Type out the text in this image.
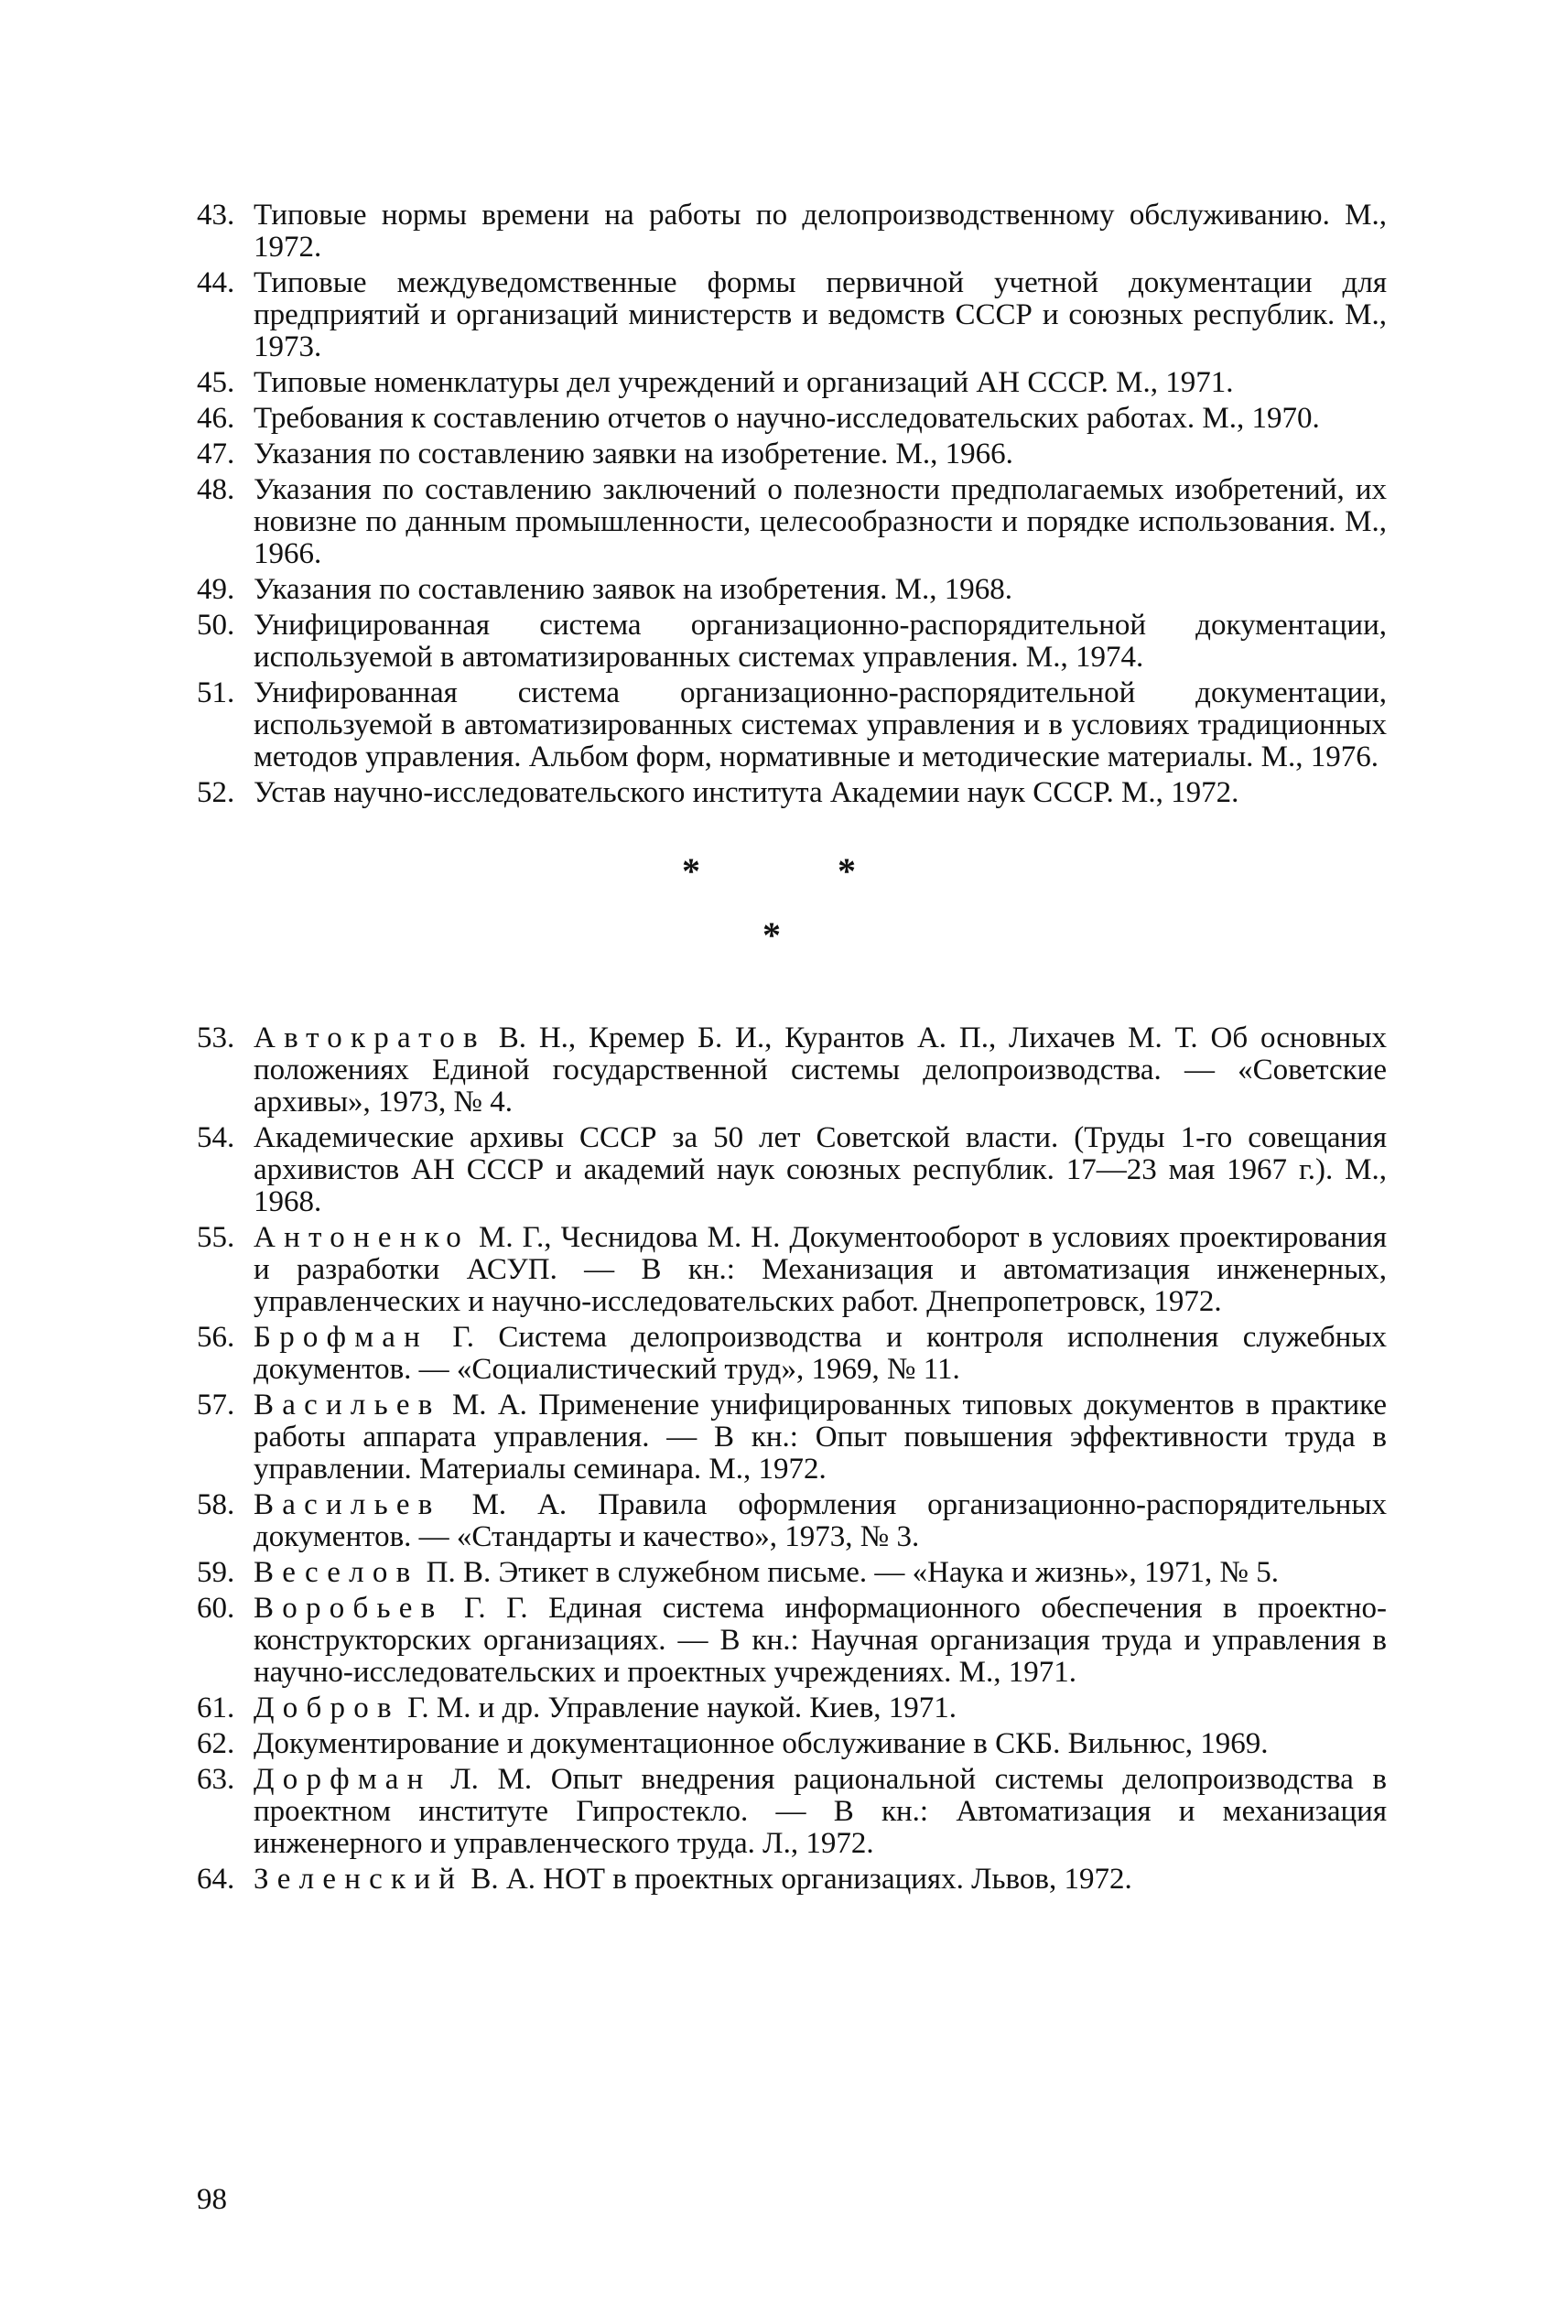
43. Типовые нормы времени на работы по делопроизводственному обслуживанию. М., 1972.
44. Типовые междуведомственные формы первичной учетной документации для предприятий и организаций министерств и ведомств СССР и союзных республик. М., 1973.
45. Типовые номенклатуры дел учреждений и организаций АН СССР. М., 1971.
46. Требования к составлению отчетов о научно-исследовательских работах. М., 1970.
47. Указания по составлению заявки на изобретение. М., 1966.
48. Указания по составлению заключений о полезности предполагаемых изобретений, их новизне по данным промышленности, целесообразности и порядке использования. М., 1966.
49. Указания по составлению заявок на изобретения. М., 1968.
50. Унифицированная система организационно-распорядительной документации, используемой в автоматизированных системах управления. М., 1974.
51. Унифированная система организационно-распорядительной документации, используемой в автоматизированных системах управления и в условиях традиционных методов управления. Альбом форм, нормативные и методические материалы. М., 1976.
52. Устав научно-исследовательского института Академии наук СССР. М., 1972.
*	*
*
53. Автократов В. Н., Кремер Б. И., Курантов А. П., Лихачев М. Т. Об основных положениях Единой государственной системы делопроизводства. — «Советские архивы», 1973, № 4.
54. Академические архивы СССР за 50 лет Советской власти. (Труды 1-го совещания архивистов АН СССР и академий наук союзных республик. 17—23 мая 1967 г.). М., 1968.
55. Антоненко М. Г., Чеснидова М. Н. Документооборот в условиях проектирования и разработки АСУП. — В кн.: Механизация и автоматизация инженерных, управленческих и научно-исследовательских работ. Днепропетровск, 1972.
56. Брофман Г. Система делопроизводства и контроля исполнения служебных документов. — «Социалистический труд», 1969, № 11.
57. Васильев М. А. Применение унифицированных типовых документов в практике работы аппарата управления. — В кн.: Опыт повышения эффективности труда в управлении. Материалы семинара. М., 1972.
58. Васильев М. А. Правила оформления организационно-распорядительных документов. — «Стандарты и качество», 1973, № 3.
59. Веселов П. В. Этикет в служебном письме. — «Наука и жизнь», 1971, № 5.
60. Воробьев Г. Г. Единая система информационного обеспечения в проектно-конструкторских организациях. — В кн.: Научная организация труда и управления в научно-исследовательских и проектных учреждениях. М., 1971.
61. Добров Г. М. и др. Управление наукой. Киев, 1971.
62. Документирование и документационное обслуживание в СКБ. Вильнюс, 1969.
63. Дорфман Л. М. Опыт внедрения рациональной системы делопроизводства в проектном институте Гипростекло. — В кн.: Автоматизация и механизация инженерного и управленческого труда. Л., 1972.
64. Зеленский В. А. НОТ в проектных организациях. Львов, 1972.
98
